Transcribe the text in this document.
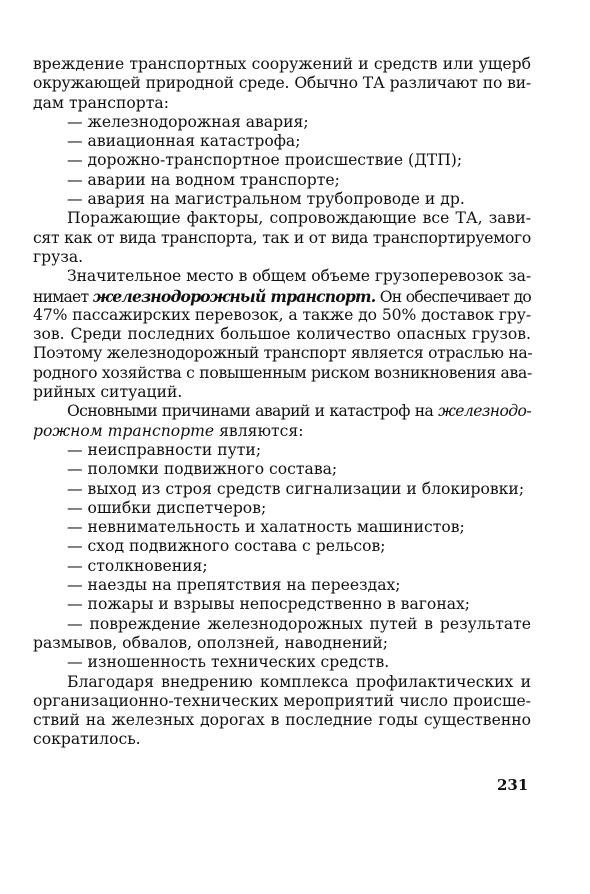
вреждение транспортных сооружений и средств или ущерб
окружающей природной среде. Обычно ТА различают по ви-
дам транспорта:
— железнодорожная авария;
— авиационная катастрофа;
— дорожно-транспортное происшествие (ДТП);
— аварии на водном транспорте;
— авария на магистральном трубопроводе и др.
Поражающие факторы, сопровождающие все ТА, зави-
сят как от вида транспорта, так и от вида транспортируемого
груза.
Значительное место в общем объеме грузоперевозок за-
нимает железнодорожный транспорт. Он обеспечивает до
47% пассажирских перевозок, а также до 50% доставок гру-
зов. Среди последних большое количество опасных грузов.
Поэтому железнодорожный транспорт является отраслью на-
родного хозяйства с повышенным риском возникновения ава-
рийных ситуаций.
Основными причинами аварий и катастроф на железнодо-
рожном транспорте являются:
— неисправности пути;
— поломки подвижного состава;
— выход из строя средств сигнализации и блокировки;
— ошибки диспетчеров;
— невнимательность и халатность машинистов;
— сход подвижного состава с рельсов;
— столкновения;
— наезды на препятствия на переездах;
— пожары и взрывы непосредственно в вагонах;
— повреждение железнодорожных путей в результате
размывов, обвалов, оползней, наводнений;
— изношенность технических средств.
Благодаря внедрению комплекса профилактических и
организационно-технических мероприятий число происше-
ствий на железных дорогах в последние годы существенно
сократилось.
231
